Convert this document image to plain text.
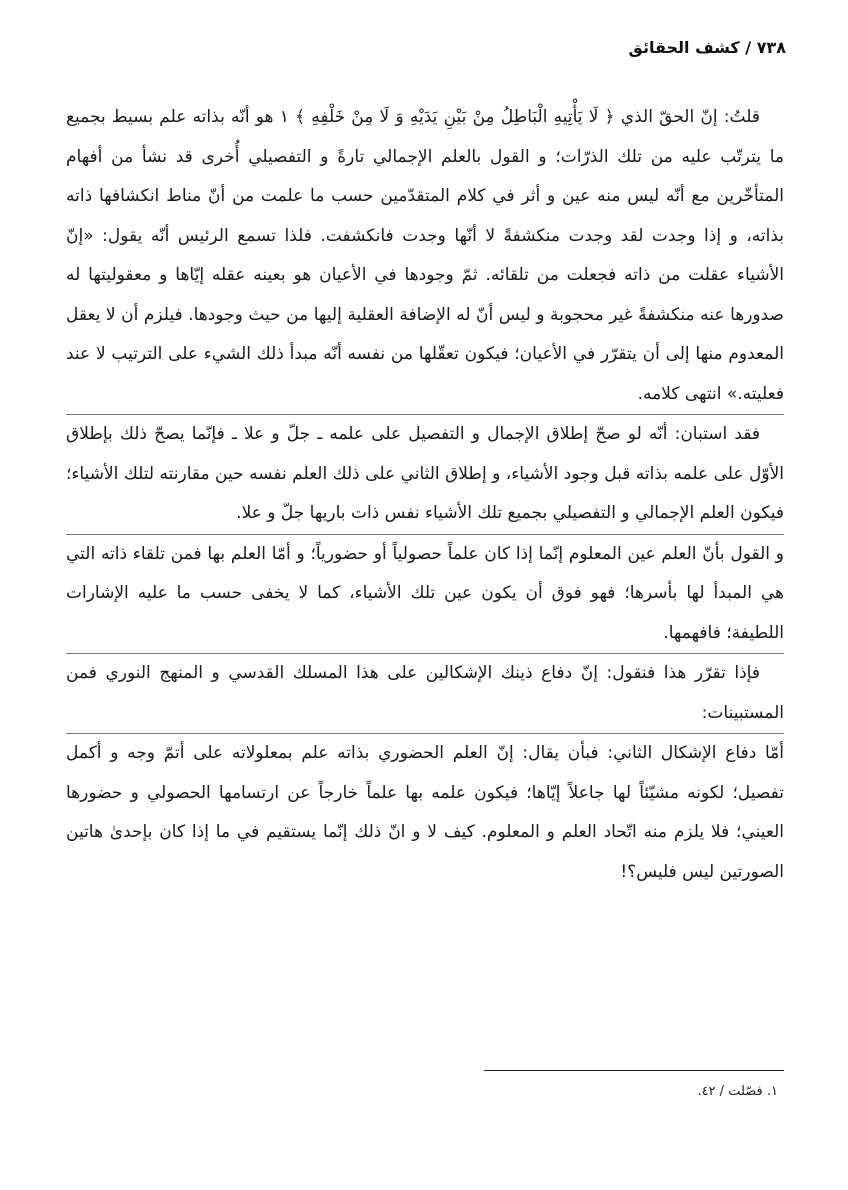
٧٣٨ / كشف الحقائق

قلتُ: إنّ الحقّ الذي ﴿ لَا يَأْتِيهِ الْبَاطِلُ مِنْ بَيْنِ يَدَيْهِ وَ لَا مِنْ خَلْفِهِ ﴾ ١ هو أنّه بذاته علم بسيط بجميع ما يترتّب عليه من تلك الذرّات؛ و القول بالعلم الإجمالي تارةً و التفصيلي أُخرى قد نشأ من أفهام المتأخّرين مع أنّه ليس منه عين و أثر في كلام المتقدّمين حسب ما علمت من أنّ مناط انكشافها ذاته بذاته، و إذا وجدت لقد وجدت منكشفةً لا أنّها وجدت فانكشفت. فلذا تسمع الرئيس أنّه يقول: «إنّ الأشياء عقلت من ذاته فجعلت من تلقائه. ثمّ وجودها في الأعيان هو بعينه عقله إيّاها و معقوليتها له صدورها عنه منكشفةً غير محجوبة و ليس أنّ له الإضافة العقلية إليها من حيث وجودها. فيلزم أن لا يعقل المعدوم منها إلى أن يتقرّر في الأعيان؛ فيكون تعقّلها من نفسه أنّه مبدأ ذلك الشيء على الترتيب لا عند فعليته.» انتهى كلامه.

فقد استبان: أنّه لو صحّ إطلاق الإجمال و التفصيل على علمه ـ جلّ و علا ـ فإنّما يصحّ ذلك بإطلاق الأوّل على علمه بذاته قبل وجود الأشياء، و إطلاق الثاني على ذلك العلم نفسه حين مقارنته لتلك الأشياء؛ فيكون العلم الإجمالي و التفصيلي بجميع تلك الأشياء نفس ذات باريها جلّ و علا.

و القول بأنّ العلم عين المعلوم إنّما إذا كان علماً حصولياً أو حضورياً؛ و أمّا العلم بها فمن تلقاء ذاته التي هي المبدأ لها بأسرها؛ فهو فوق أن يكون عين تلك الأشياء، كما لا يخفى حسب ما عليه الإشارات اللطيفة؛ فافهمها.

فإذا تقرّر هذا فنقول: إنّ دفاع ذينك الإشكالين على هذا المسلك القدسي و المنهج النوري فمن المستبينات:

أمّا دفاع الإشكال الثاني: فبأن يقال: إنّ العلم الحضوري بذاته علم بمعلولاته على أتمّ وجه و أكمل تفصيل؛ لكونه مشيّئاً لها جاعلاً إيّاها؛ فيكون علمه بها علماً خارجاً عن ارتسامها الحصولي و حضورها العيني؛ فلا يلزم منه اتّحاد العلم و المعلوم. كيف لا و انّ ذلك إنّما يستقيم في ما إذا كان بإحدىٰ هاتين الصورتين ليس فليس؟!

١. فصّلت / ٤٢.
